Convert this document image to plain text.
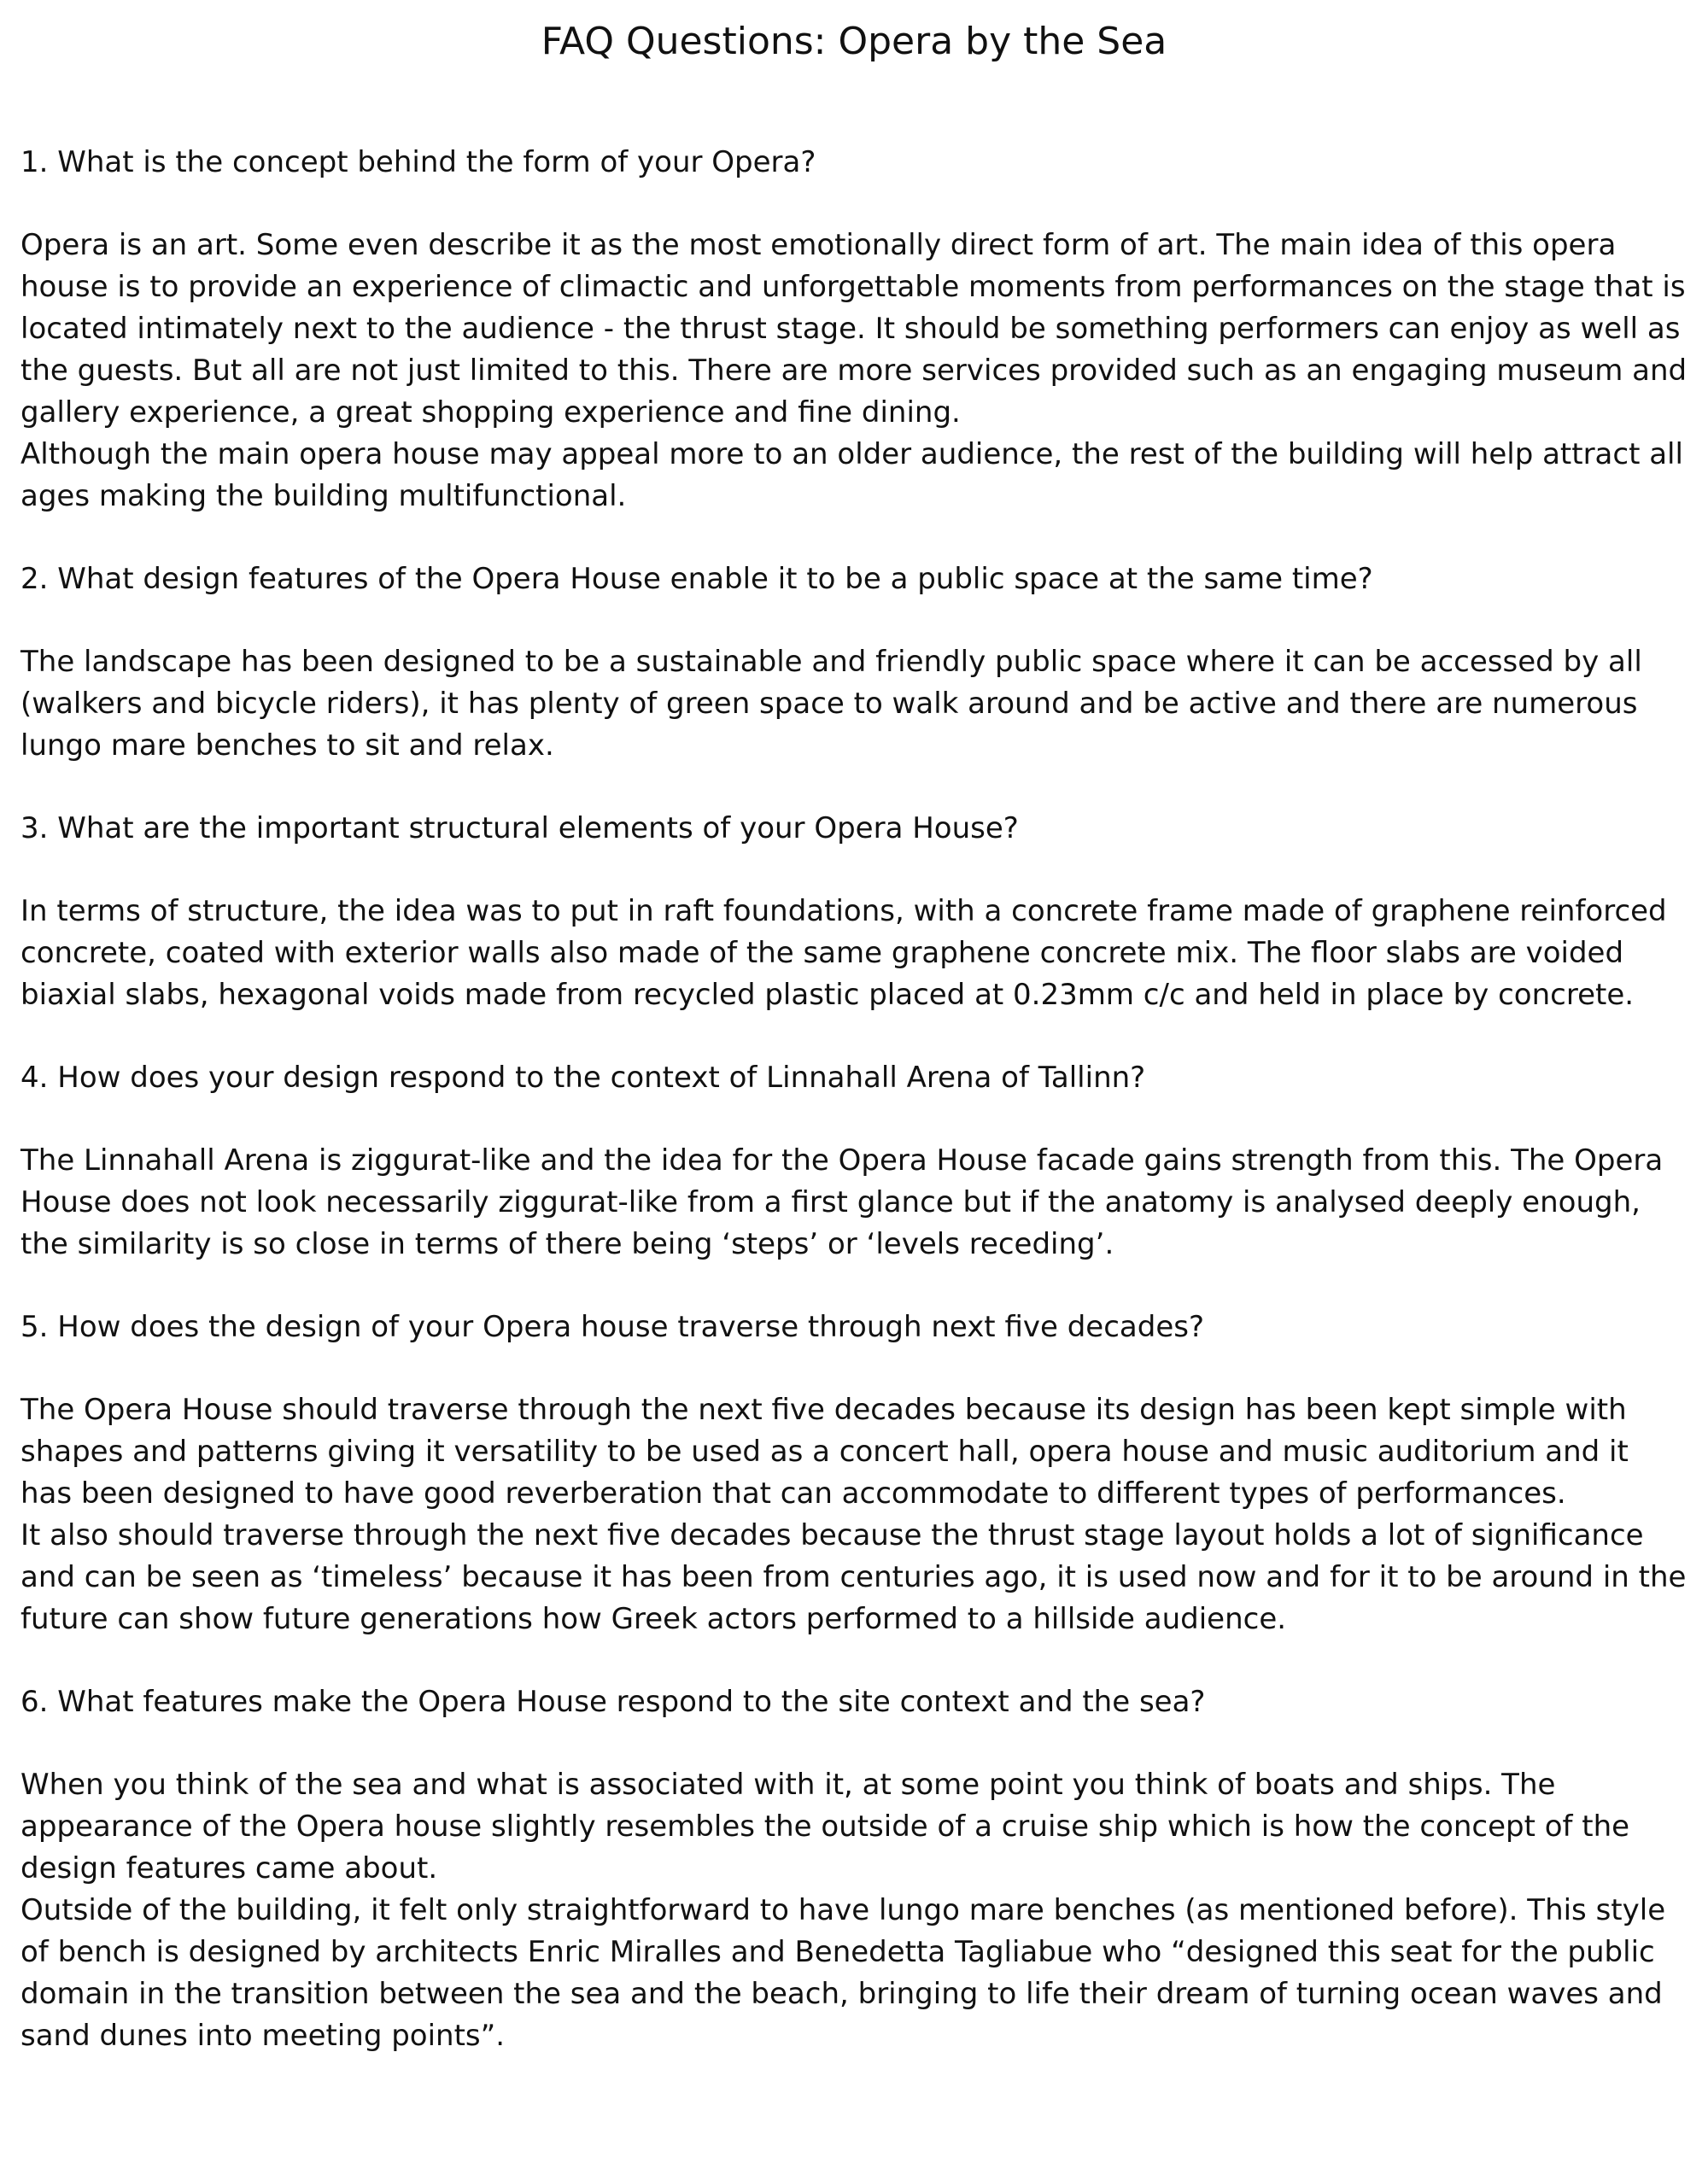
FAQ Questions: Opera by the Sea
1. What is the concept behind the form of your Opera?

Opera is an art. Some even describe it as the most emotionally direct form of art. The main idea of this opera house is to provide an experience of climactic and unforgettable moments from performances on the stage that is located intimately next to the audience - the thrust stage. It should be something performers can enjoy as well as the guests. But all are not just limited to this. There are more services provided such as an engaging museum and gallery experience, a great shopping experience and fine dining.

Although the main opera house may appeal more to an older audience, the rest of the building will help attract all ages making the building multifunctional.

2. What design features of the Opera House enable it to be a public space at the same time?

The landscape has been designed to be a sustainable and friendly public space where it can be accessed by all (walkers and bicycle riders), it has plenty of green space to walk around and be active and there are numerous lungo mare benches to sit and relax.

3. What are the important structural elements of your Opera House?

In terms of structure, the idea was to put in raft foundations, with a concrete frame made of graphene reinforced concrete, coated with exterior walls also made of the same graphene concrete mix. The floor slabs are voided biaxial slabs, hexagonal voids made from recycled plastic placed at 0.23mm c/c and held in place by concrete.

4. How does your design respond to the context of Linnahall Arena of Tallinn?

The Linnahall Arena is ziggurat-like and the idea for the Opera House facade gains strength from this. The Opera House does not look necessarily ziggurat-like from a first glance but if the anatomy is analysed deeply enough, the similarity is so close in terms of there being ‘steps’ or ‘levels receding’.

5. How does the design of your Opera house traverse through next five decades?

The Opera House should traverse through the next five decades because its design has been kept simple with shapes and patterns giving it versatility to be used as a concert hall, opera house and music auditorium and it has been designed to have good reverberation that can accommodate to different types of performances.

It also should traverse through the next five decades because the thrust stage layout holds a lot of significance and can be seen as ‘timeless’ because it has been from centuries ago, it is used now and for it to be around in the future can show future generations how Greek actors performed to a hillside audience.

6. What features make the Opera House respond to the site context and the sea?

When you think of the sea and what is associated with it, at some point you think of boats and ships. The appearance of the Opera house slightly resembles the outside of a cruise ship which is how the concept of the design features came about.

Outside of the building, it felt only straightforward to have lungo mare benches (as mentioned before). This style of bench is designed by architects Enric Miralles and Benedetta Tagliabue who “designed this seat for the public domain in the transition between the sea and the beach, bringing to life their dream of turning ocean waves and sand dunes into meeting points”.
